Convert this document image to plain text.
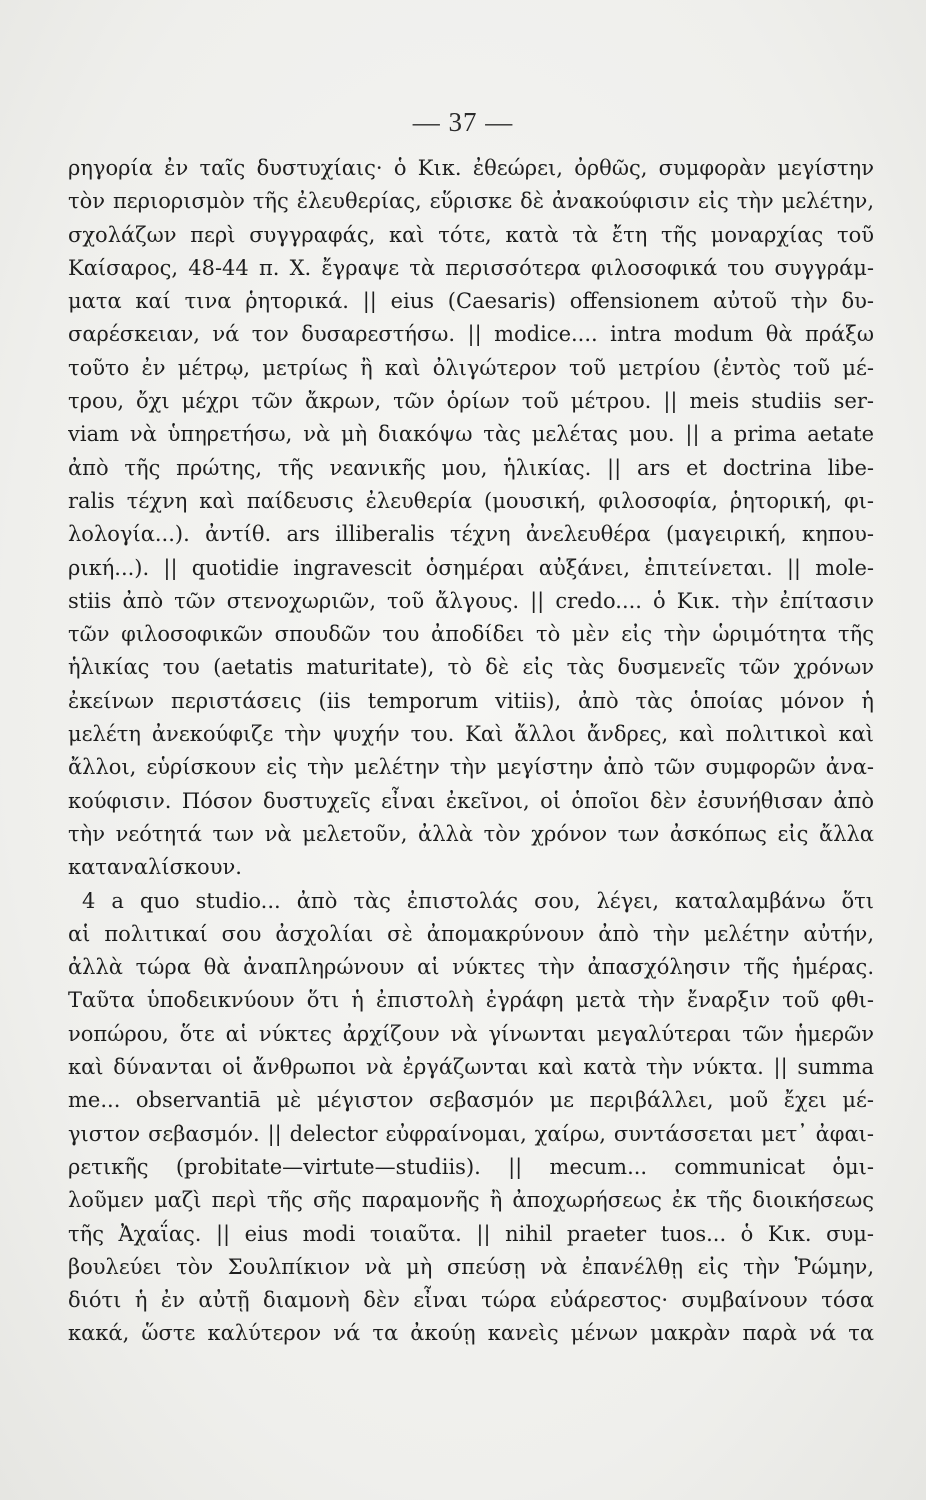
— 37 —
ρηγορία ἐν ταῖς δυστυχίαις· ὁ Κικ. ἐθεώρει, ὀρθῶς, συμφορὰν μεγίστην
τὸν περιορισμὸν τῆς ἐλευθερίας, εὕρισκε δὲ ἀνακούφισιν εἰς τὴν μελέτην,
σχολάζων περὶ συγγραφάς, καὶ τότε, κατὰ τὰ ἔτη τῆς μοναρχίας τοῦ
Καίσαρος, 48-44 π. Χ. ἔγραψε τὰ περισσότερα φιλοσοφικά του συγγράμ-
ματα καί τινα ῥητορικά. || eius (Caesaris) offensionem αὐτοῦ τὴν δυ-
σαρέσκειαν, νά τον δυσαρεστήσω. || modice.... intra modum θὰ πράξω
τοῦτο ἐν μέτρῳ, μετρίως ἢ καὶ ὀλιγώτερον τοῦ μετρίου (ἐντὸς τοῦ μέ-
τρου, ὄχι μέχρι τῶν ἄκρων, τῶν ὁρίων τοῦ μέτρου. || meis studiis ser-
viam νὰ ὑπηρετήσω, νὰ μὴ διακόψω τὰς μελέτας μου. || a prima aetate
ἀπὸ τῆς πρώτης, τῆς νεανικῆς μου, ἡλικίας. || ars et doctrina libe-
ralis τέχνη καὶ παίδευσις ἐλευθερία (μουσική, φιλοσοφία, ῥητορική, φι-
λολογία...). ἀντίθ. ars illiberalis τέχνη ἀνελευθέρα (μαγειρική, κηπου-
ρική...). || quotidie ingravescit ὁσημέραι αὐξάνει, ἐπιτείνεται. || mole-
stiis ἀπὸ τῶν στενοχωριῶν, τοῦ ἄλγους. || credo.... ὁ Κικ. τὴν ἐπίτασιν
τῶν φιλοσοφικῶν σπουδῶν του ἀποδίδει τὸ μὲν εἰς τὴν ὡριμότητα τῆς
ἡλικίας του (aetatis maturitate), τὸ δὲ εἰς τὰς δυσμενεῖς τῶν χρόνων
ἐκείνων περιστάσεις (iis temporum vitiis), ἀπὸ τὰς ὁποίας μόνον ἡ
μελέτη ἀνεκούφιζε τὴν ψυχήν του. Καὶ ἄλλοι ἄνδρες, καὶ πολιτικοὶ καὶ
ἄλλοι, εὑρίσκουν εἰς τὴν μελέτην τὴν μεγίστην ἀπὸ τῶν συμφορῶν ἀνα-
κούφισιν. Πόσον δυστυχεῖς εἶναι ἐκεῖνοι, οἱ ὁποῖοι δὲν ἐσυνήθισαν ἀπὸ
τὴν νεότητά των νὰ μελετοῦν, ἀλλὰ τὸν χρόνον των ἀσκόπως εἰς ἄλλα
καταναλίσκουν.
4 a quo studio... ἀπὸ τὰς ἐπιστολάς σου, λέγει, καταλαμβάνω ὅτι
αἱ πολιτικαί σου ἀσχολίαι σὲ ἀπομακρύνουν ἀπὸ τὴν μελέτην αὐτήν,
ἀλλὰ τώρα θὰ ἀναπληρώνουν αἱ νύκτες τὴν ἀπασχόλησιν τῆς ἡμέρας.
Ταῦτα ὑποδεικνύουν ὅτι ἡ ἐπιστολὴ ἐγράφη μετὰ τὴν ἔναρξιν τοῦ φθι-
νοπώρου, ὅτε αἱ νύκτες ἀρχίζουν νὰ γίνωνται μεγαλύτεραι τῶν ἡμερῶν
καὶ δύνανται οἱ ἄνθρωποι νὰ ἐργάζωνται καὶ κατὰ τὴν νύκτα. || summa
me... observantiā μὲ μέγιστον σεβασμόν με περιβάλλει, μοῦ ἔχει μέ-
γιστον σεβασμόν. || delector εὐφραίνομαι, χαίρω, συντάσσεται μετ᾽ ἀφαι-
ρετικῆς (probitate—virtute—studiis). || mecum... communicat ὁμι-
λοῦμεν μαζὶ περὶ τῆς σῆς παραμονῆς ἢ ἀποχωρήσεως ἐκ τῆς διοικήσεως
τῆς Ἀχαΐας. || eius modi τοιαῦτα. || nihil praeter tuos... ὁ Κικ. συμ-
βουλεύει τὸν Σουλπίκιον νὰ μὴ σπεύσῃ νὰ ἐπανέλθῃ εἰς τὴν Ῥώμην,
διότι ἡ ἐν αὐτῇ διαμονὴ δὲν εἶναι τώρα εὐάρεστος· συμβαίνουν τόσα
κακά, ὥστε καλύτερον νά τα ἀκούῃ κανεὶς μένων μακρὰν παρὰ νά τα
